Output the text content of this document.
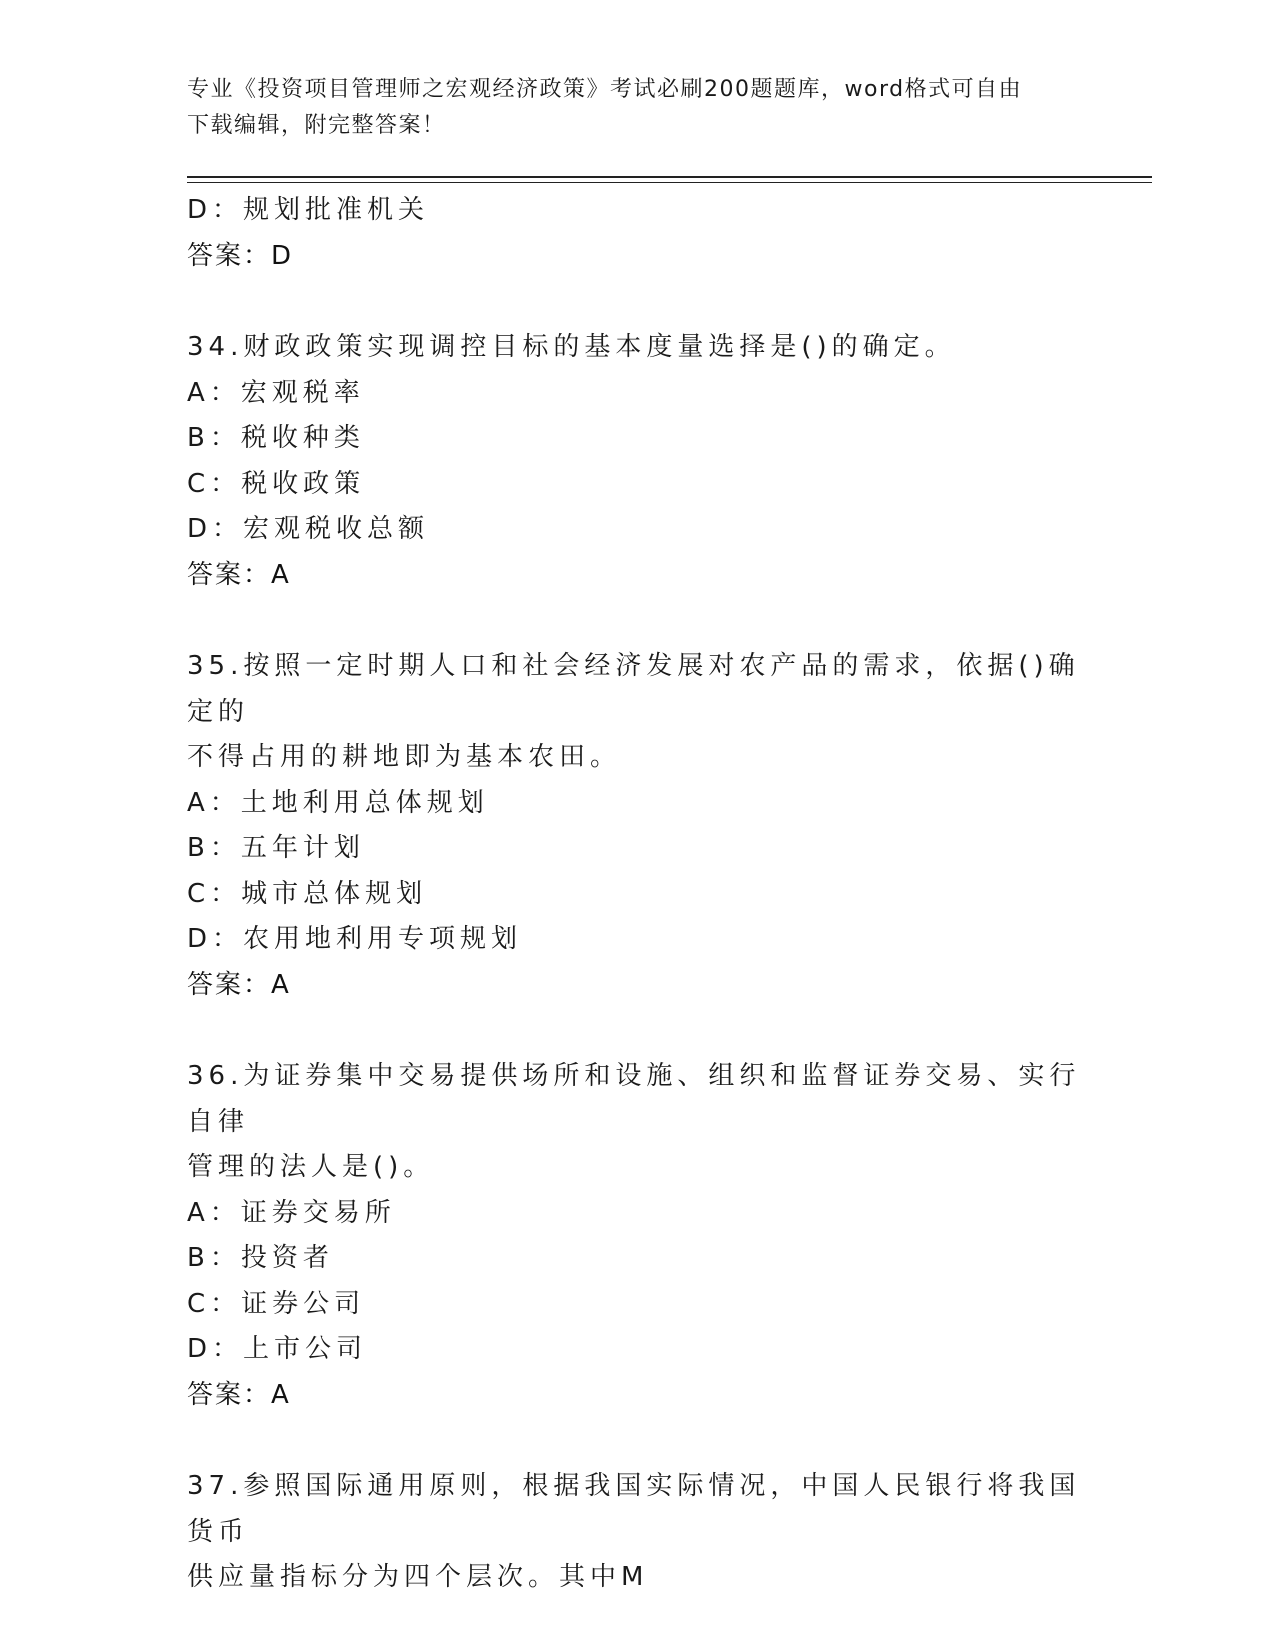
专业《投资项目管理师之宏观经济政策》考试必刷200题题库，word格式可自由
下载编辑，附完整答案！
D：规划批准机关
答案：D
34.财政政策实现调控目标的基本度量选择是()的确定。
A：宏观税率
B：税收种类
C：税收政策
D：宏观税收总额
答案：A
35.按照一定时期人口和社会经济发展对农产品的需求，依据()确定的
不得占用的耕地即为基本农田。
A：土地利用总体规划
B：五年计划
C：城市总体规划
D：农用地利用专项规划
答案：A
36.为证券集中交易提供场所和设施、组织和监督证券交易、实行自律
管理的法人是()。
A：证券交易所
B：投资者
C：证券公司
D：上市公司
答案：A
37.参照国际通用原则，根据我国实际情况，中国人民银行将我国货币
供应量指标分为四个层次。其中M
